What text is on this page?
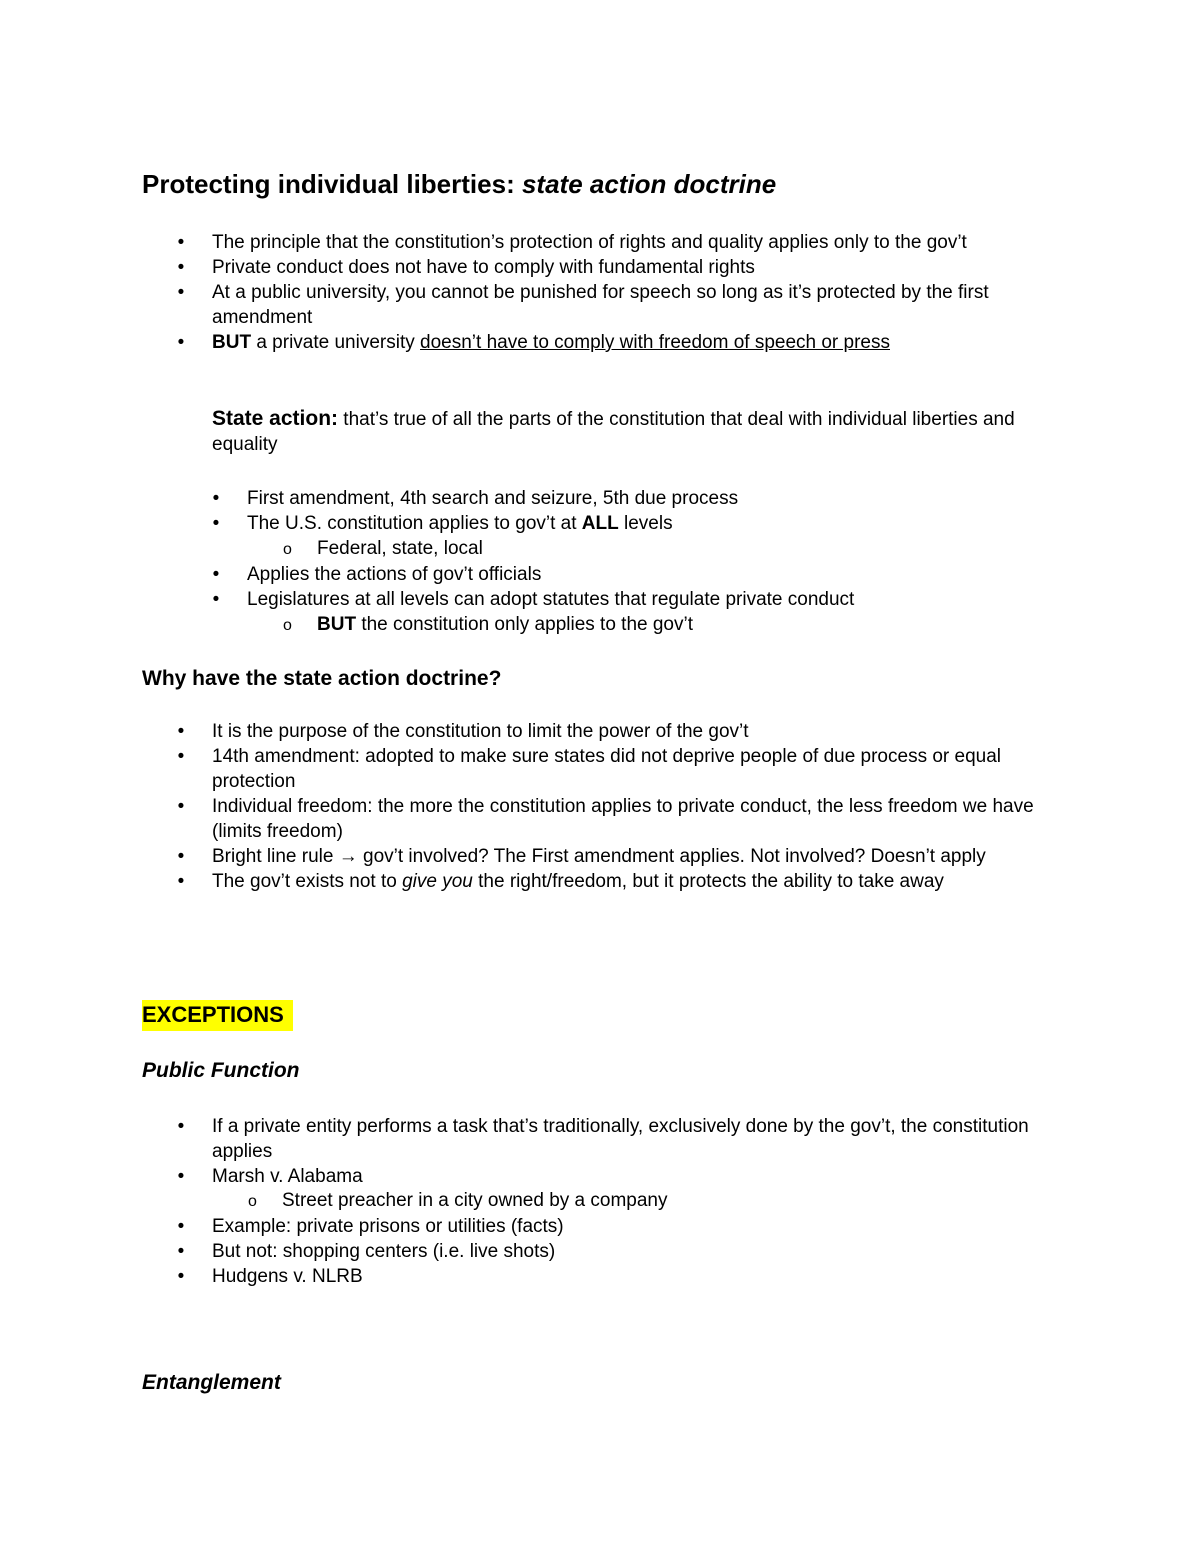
Protecting individual liberties: state action doctrine
• The principle that the constitution’s protection of rights and quality applies only to the gov’t
• Private conduct does not have to comply with fundamental rights
• At a public university, you cannot be punished for speech so long as it’s protected by the first amendment
• BUT a private university doesn’t have to comply with freedom of speech or press

State action: that’s true of all the parts of the constitution that deal with individual liberties and equality

• First amendment, 4th search and seizure, 5th due process
• The U.S. constitution applies to gov’t at ALL levels
o Federal, state, local
• Applies the actions of gov’t officials
• Legislatures at all levels can adopt statutes that regulate private conduct
o BUT the constitution only applies to the gov’t
Why have the state action doctrine?
• It is the purpose of the constitution to limit the power of the gov’t
• 14th amendment: adopted to make sure states did not deprive people of due process or equal protection
• Individual freedom: the more the constitution applies to private conduct, the less freedom we have (limits freedom)
• Bright line rule → gov’t involved? The First amendment applies. Not involved? Doesn’t apply
• The gov’t exists not to give you the right/freedom, but it protects the ability to take away
EXCEPTIONS
Public Function
• If a private entity performs a task that’s traditionally, exclusively done by the gov’t, the constitution applies
• Marsh v. Alabama
o Street preacher in a city owned by a company
• Example: private prisons or utilities (facts)
• But not: shopping centers (i.e. live shots)
• Hudgens v. NLRB
Entanglement
